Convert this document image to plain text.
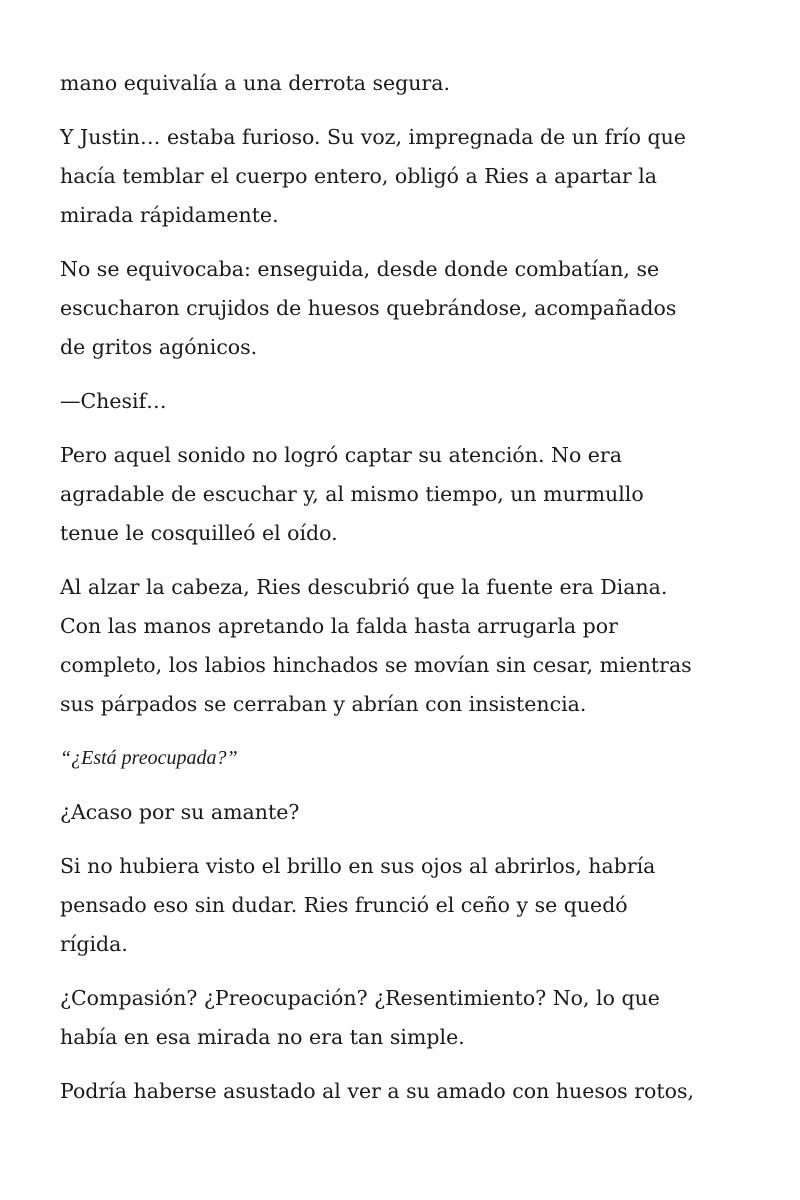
mano equivalía a una derrota segura.

Y Justin… estaba furioso. Su voz, impregnada de un frío que
hacía temblar el cuerpo entero, obligó a Ries a apartar la
mirada rápidamente.

No se equivocaba: enseguida, desde donde combatían, se
escucharon crujidos de huesos quebrándose, acompañados
de gritos agónicos.

—Chesif…

Pero aquel sonido no logró captar su atención. No era
agradable de escuchar y, al mismo tiempo, un murmullo
tenue le cosquilleó el oído.

Al alzar la cabeza, Ries descubrió que la fuente era Diana.
Con las manos apretando la falda hasta arrugarla por
completo, los labios hinchados se movían sin cesar, mientras
sus párpados se cerraban y abrían con insistencia.

“¿Está preocupada?”

¿Acaso por su amante?

Si no hubiera visto el brillo en sus ojos al abrirlos, habría
pensado eso sin dudar. Ries frunció el ceño y se quedó
rígida.

¿Compasión? ¿Preocupación? ¿Resentimiento? No, lo que
había en esa mirada no era tan simple.

Podría haberse asustado al ver a su amado con huesos rotos,
